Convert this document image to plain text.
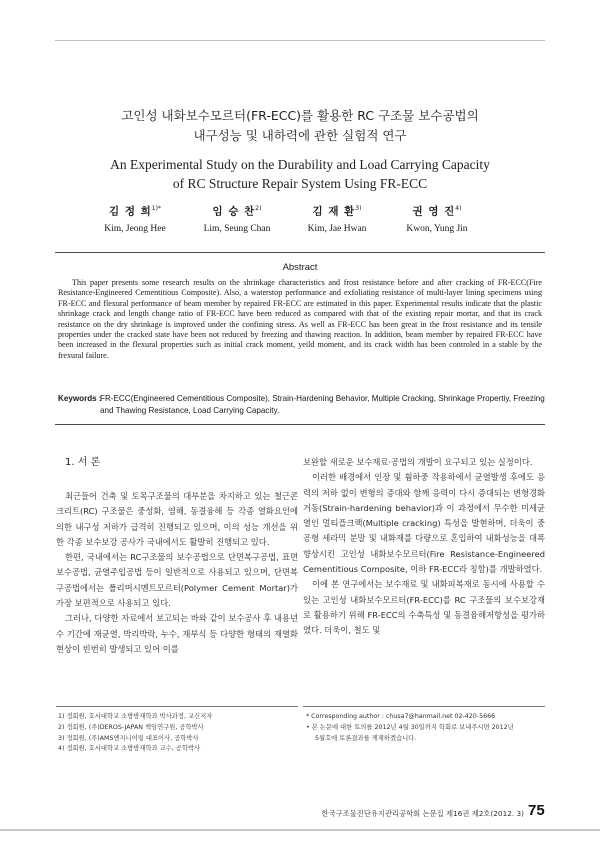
고인성 내화보수모르터(FR-ECC)를 활용한 RC 구조물 보수공법의
내구성능 및 내하력에 관한 실험적 연구
An Experimental Study on the Durability and Load Carrying Capacity
of RC Structure Repair System Using FR-ECC
김 정 희$^{1)*}$
Kim, Jeong Hee
임 승 찬$^{2)}$
Lim, Seung Chan
김 재 환$^{3)}$
Kim, Jae Hwan
권 영 진$^{4)}$
Kwon, Yung Jin
Abstract

This paper presents some research results on the shrinkage characteristics and frost resistance before and after cracking of FR-ECC(Fire Resistance-Engineered Cementitious Composite). Also, a waterstop performance and exfoliating resistance of multi-layer lining specimens using FR-ECC and flexural performance of beam member by repaired FR-ECC are estimated in this paper. Experimental results indicate that the plastic shrinkage crack and length change ratio of FR-ECC have been reduced as compared with that of the existing repair mortar, and that its crack resistance on the dry shrinkage is improved under the confining stress. As well as FR-ECC has been great in the frost resistance and its tensile properties under the cracked state have been not reduced by freezing and thawing reaction. In addition, beam member by repaired FR-ECC have been increased in the flexural properties such as initial crack moment, yeild moment, and its crack width has been controled in a stable by the frexural failure.

Keywords :
FR-ECC(Engineered Cementitious Composite), Strain-Hardening Behavior, Multiple Cracking, Shrinkage Propertiy, Freezing and Thawing Resistance, Load Carrying Capacity.
1. 서 론

최근들어 건축 및 토목구조물의 대부분을 차지하고 있는 철근콘크리트(RC) 구조물은 중성화, 염해, 동결융해 등 각종 열화요인에 의한 내구성 저하가 급격히 진행되고 있으며, 이의 성능 개선을 위한 각종 보수보강 공사가 국내에서도 활발히 진행되고 있다.

한편, 국내에서는 RC구조물의 보수공법으로 단면복구공법, 표면보수공법, 균열주입공법 등이 일반적으로 사용되고 있으며, 단면복구공법에서는 폴리머시멘트모르터(Polymer Cement Mortar)가 가장 보편적으로 사용되고 있다.

그러나, 다양한 자료에서 보고되는 바와 같이 보수공사 후 내용년수 기간에 재균열, 박리박락, 누수, 재부식 등 다양한 형태의 재열화현상이 빈번히 발생되고 있어 이를

보완할 새로운 보수재료·공법의 개발이 요구되고 있는 실정이다.

이러한 배경에서 인장 및 휨하중 작용하에서 균열발생 후에도 응력의 저하 없이 변형의 증대와 함께 응력이 다시 증대되는 변형경화거동(Strain-hardening behavior)과 이 과정에서 무수한 미세균열인 멀티플크랙(Multiple cracking) 특성을 발현하며, 더욱이 중공형 세라믹 분말 및 내화재를 다량으로 혼입하여 내화성능을 대폭 향상시킨 고인성 내화보수모르터(Fire Resistance-Engineered Cementitious Composite, 이하 FR-ECC라 칭함)를 개발하였다.

이에 본 연구에서는 보수재료 및 내화피복재로 동시에 사용할 수 있는 고인성 내화보수모르터(FR-ECC)를 RC 구조물의 보수보강재로 활용하기 위해 FR-ECC의 수축특성 및 동결융해저항성을 평가하였다. 더욱이, 철도 및

1) 정회원, 호서대학교 소방방재학과 박사과정, 교신저자
2) 정회원, (주)DEROS-JAPAN 책임연구원, 공학박사
3) 정회원, (주)AMS엔지니어링 대표이사, 공학박사
4) 정회원, 호서대학교 소방방재학과 교수, 공학박사
* Corresponding author : chusa7@hanmail.net 02-420-5666
• 본 논문에 대한 토의를 2012년 4월 30일까지 학회로 보내주시면 2012년
5월호에 토론결과를 게재하겠습니다.
한국구조물진단유지관리공학회 논문집 제16권 제2호(2012. 3) 75
